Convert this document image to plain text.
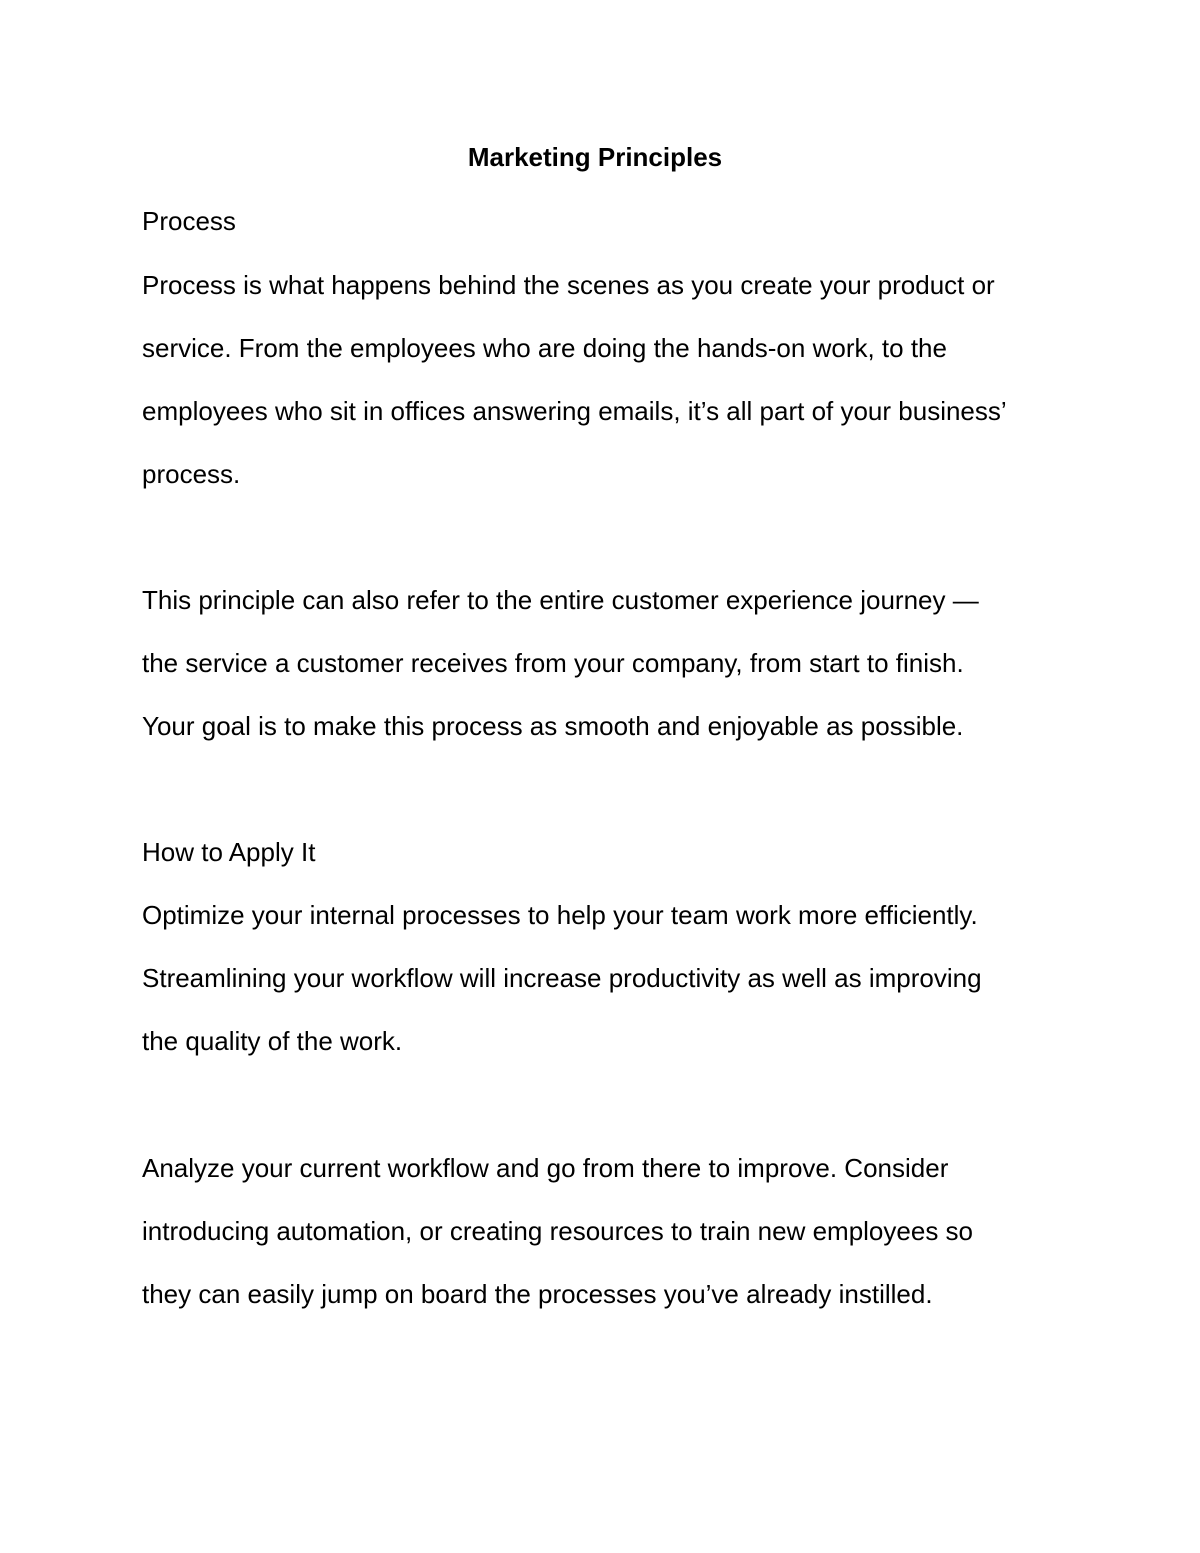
Marketing Principles
Process
Process is what happens behind the scenes as you create your product or
service. From the employees who are doing the hands-on work, to the
employees who sit in offices answering emails, it’s all part of your business’
process.
This principle can also refer to the entire customer experience journey —
the service a customer receives from your company, from start to finish.
Your goal is to make this process as smooth and enjoyable as possible.
How to Apply It
Optimize your internal processes to help your team work more efficiently.
Streamlining your workflow will increase productivity as well as improving
the quality of the work.
Analyze your current workflow and go from there to improve. Consider
introducing automation, or creating resources to train new employees so
they can easily jump on board the processes you’ve already instilled.
